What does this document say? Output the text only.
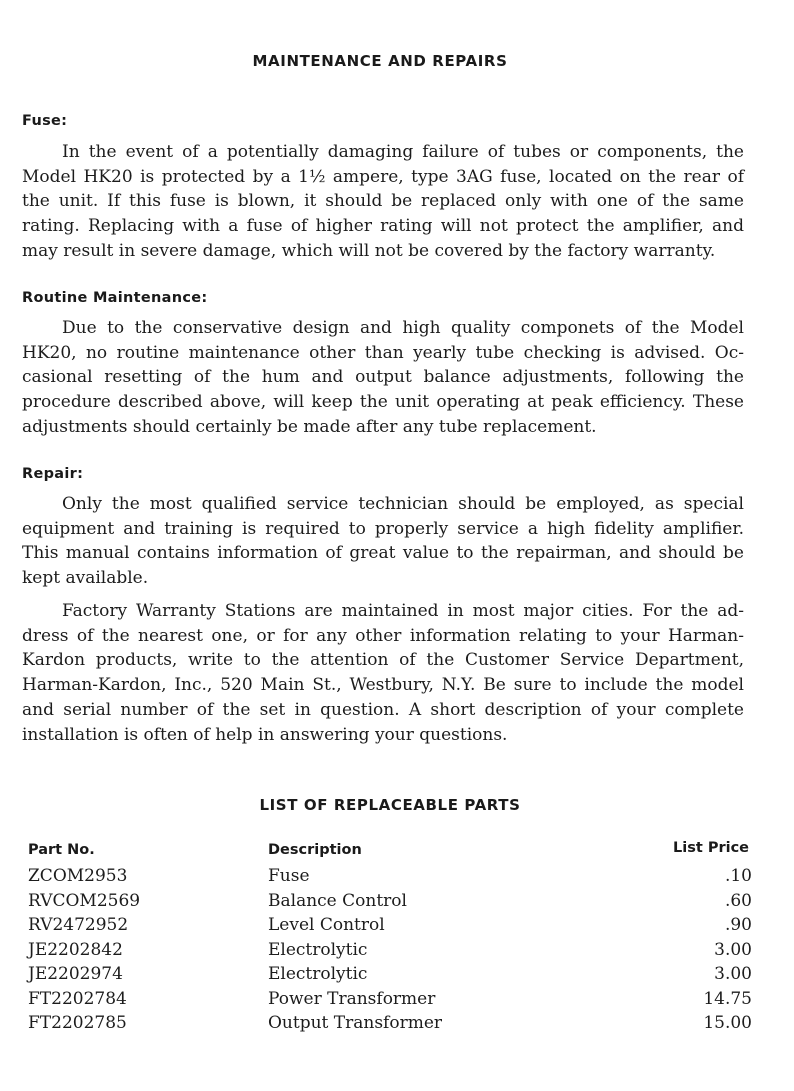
MAINTENANCE AND REPAIRS
Fuse:

In the event of a potentially damaging failure of tubes or components, the Model HK20 is protected by a 1½ ampere, type 3AG fuse, located on the rear of the unit. If this fuse is blown, it should be replaced only with one of the same rating. Replacing with a fuse of higher rating will not protect the amplifier, and may result in severe damage, which will not be covered by the factory warranty.

Routine Maintenance:

Due to the conservative design and high quality componets of the Model HK20, no routine maintenance other than yearly tube checking is advised. Oc-casional resetting of the hum and output balance adjustments, following the procedure described above, will keep the unit operating at peak efficiency. These adjustments should certainly be made after any tube replacement.

Repair:

Only the most qualified service technician should be employed, as special equipment and training is required to properly service a high fidelity amplifier. This manual contains information of great value to the repairman, and should be kept available.

Factory Warranty Stations are maintained in most major cities. For the ad-dress of the nearest one, or for any other information relating to your Harman-Kardon products, write to the attention of the Customer Service Department, Harman-Kardon, Inc., 520 Main St., Westbury, N.Y. Be sure to include the model and serial number of the set in question. A short description of your complete installation is often of help in answering your questions.

LIST OF REPLACEABLE PARTS
Part No.	Description	List Price
ZCOM2953	Fuse	.10
RVCOM2569	Balance Control	.60
RV2472952	Level Control	.90
JE2202842	Electrolytic	3.00
JE2202974	Electrolytic	3.00
FT2202784	Power Transformer	14.75
FT2202785	Output Transformer	15.00
